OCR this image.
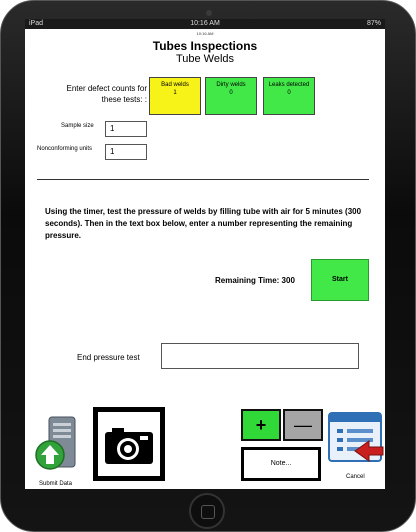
iPad	10:16 AM	87%
10:16 AM
Tubes Inspections
Tube Welds
Enter defect counts for these tests: :
Bad welds
1
Dirty welds
0
Leaks detected
0
Sample size	1
Nonconforming units	1
Using the timer, test the pressure of welds by filling tube with air for 5 minutes (300 seconds). Then in the text box below, enter a number representing the remaining pressure.
Remaining Time: 300	Start
End pressure test
Submit Data
+	—
Note...
Cancel
